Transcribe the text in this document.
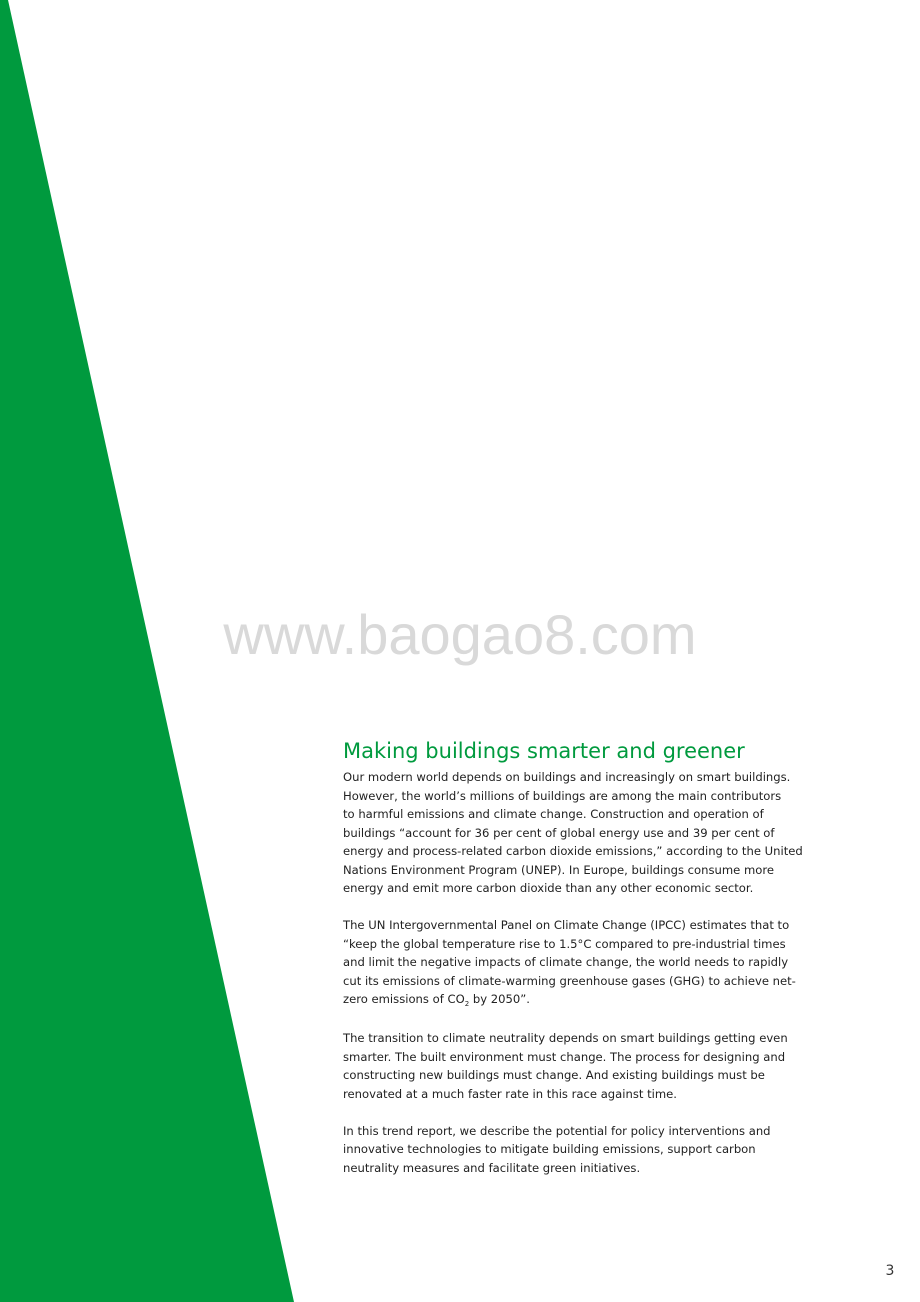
www.baogao8.com
Making buildings smarter and greener

Our modern world depends on buildings and increasingly on smart buildings.
However, the world’s millions of buildings are among the main contributors
to harmful emissions and climate change. Construction and operation of
buildings “account for 36 per cent of global energy use and 39 per cent of
energy and process-related carbon dioxide emissions,” according to the United
Nations Environment Program (UNEP). In Europe, buildings consume more
energy and emit more carbon dioxide than any other economic sector.

The UN Intergovernmental Panel on Climate Change (IPCC) estimates that to
“keep the global temperature rise to 1.5°C compared to pre-industrial times
and limit the negative impacts of climate change, the world needs to rapidly
cut its emissions of climate-warming greenhouse gases (GHG) to achieve net-
zero emissions of $CO_2$ by 2050”.

The transition to climate neutrality depends on smart buildings getting even
smarter. The built environment must change. The process for designing and
constructing new buildings must change. And existing buildings must be
renovated at a much faster rate in this race against time.

In this trend report, we describe the potential for policy interventions and
innovative technologies to mitigate building emissions, support carbon
neutrality measures and facilitate green initiatives.

3
